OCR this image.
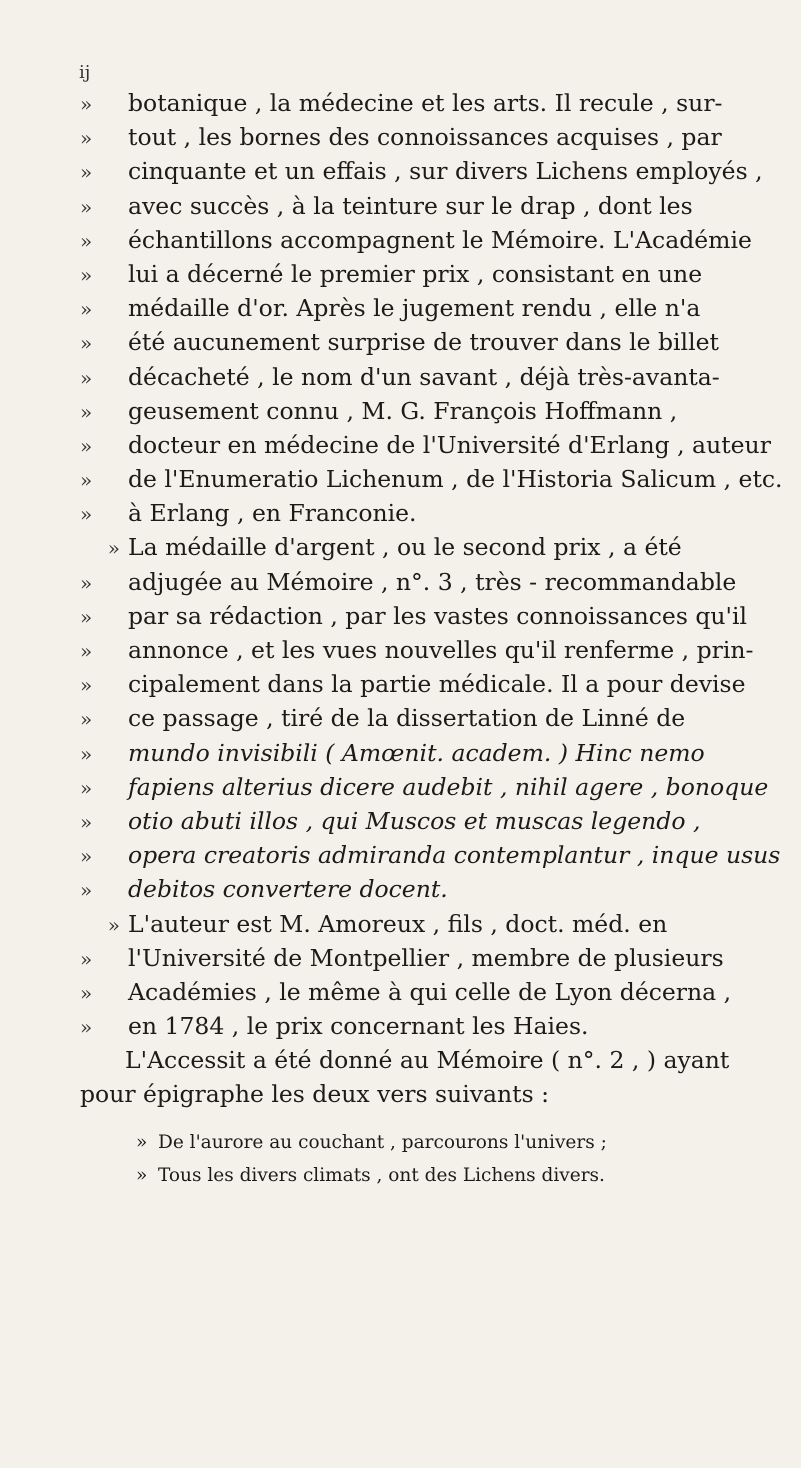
ij
» botanique , la médecine et les arts. Il recule , sur-
» tout , les bornes des connoissances acquises , par
» cinquante et un effais , sur divers Lichens employés ,
» avec succès , à la teinture sur le drap , dont les
» échantillons accompagnent le Mémoire. L'Académie
» lui a décerné le premier prix , consistant en une
» médaille d'or. Après le jugement rendu , elle n'a
» été aucunement surprise de trouver dans le billet
» décacheté , le nom d'un savant , déjà très-avanta-
» geusement connu , M. G. François Hoffmann ,
» docteur en médecine de l'Université d'Erlang , auteur
» de l'Enumeratio Lichenum , de l'Historia Salicum , etc.
» à Erlang , en Franconie.
» La médaille d'argent , ou le second prix , a été
» adjugée au Mémoire , n°. 3 , très - recommandable
» par sa rédaction , par les vastes connoissances qu'il
» annonce , et les vues nouvelles qu'il renferme , prin-
» cipalement dans la partie médicale. Il a pour devise
» ce passage , tiré de la dissertation de Linné de
» mundo invisibili ( Amœnit. academ. ) Hinc nemo
» fapiens alterius dicere audebit , nihil agere , bonoque
» otio abuti illos , qui Muscos et muscas legendo ,
» opera creatoris admiranda contemplantur , inque usus
» debitos convertere docent.
» L'auteur est M. Amoreux , fils , doct. méd. en
» l'Université de Montpellier , membre de plusieurs
» Académies , le même à qui celle de Lyon décerna ,
» en 1784 , le prix concernant les Haies.
L'Accessit a été donné au Mémoire ( n°. 2 , ) ayant
pour épigraphe les deux vers suivants :
» De l'aurore au couchant , parcourons l'univers ;
» Tous les divers climats , ont des Lichens divers.
